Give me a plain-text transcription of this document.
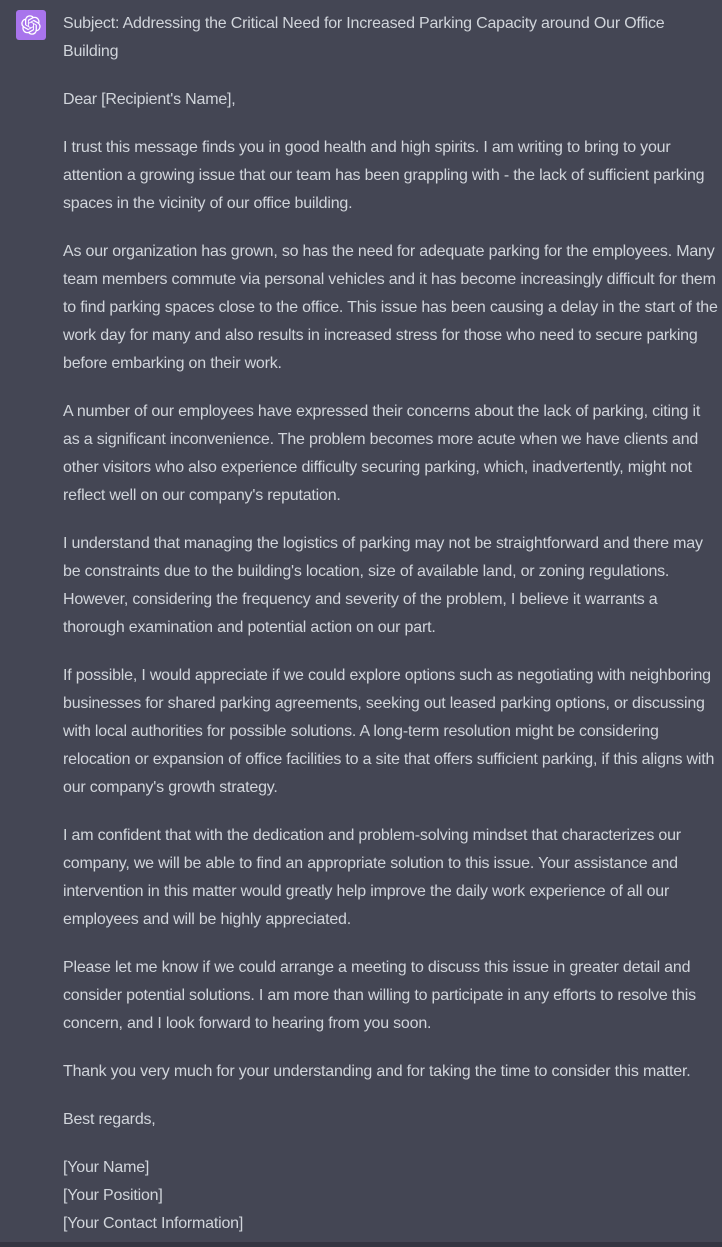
Subject: Addressing the Critical Need for Increased Parking Capacity around Our Office Building

Dear [Recipient's Name],

I trust this message finds you in good health and high spirits. I am writing to bring to your attention a growing issue that our team has been grappling with - the lack of sufficient parking spaces in the vicinity of our office building.

As our organization has grown, so has the need for adequate parking for the employees. Many team members commute via personal vehicles and it has become increasingly difficult for them to find parking spaces close to the office. This issue has been causing a delay in the start of the work day for many and also results in increased stress for those who need to secure parking before embarking on their work.

A number of our employees have expressed their concerns about the lack of parking, citing it as a significant inconvenience. The problem becomes more acute when we have clients and other visitors who also experience difficulty securing parking, which, inadvertently, might not reflect well on our company's reputation.

I understand that managing the logistics of parking may not be straightforward and there may be constraints due to the building's location, size of available land, or zoning regulations. However, considering the frequency and severity of the problem, I believe it warrants a thorough examination and potential action on our part.

If possible, I would appreciate if we could explore options such as negotiating with neighboring businesses for shared parking agreements, seeking out leased parking options, or discussing with local authorities for possible solutions. A long-term resolution might be considering relocation or expansion of office facilities to a site that offers sufficient parking, if this aligns with our company's growth strategy.

I am confident that with the dedication and problem-solving mindset that characterizes our company, we will be able to find an appropriate solution to this issue. Your assistance and intervention in this matter would greatly help improve the daily work experience of all our employees and will be highly appreciated.

Please let me know if we could arrange a meeting to discuss this issue in greater detail and consider potential solutions. I am more than willing to participate in any efforts to resolve this concern, and I look forward to hearing from you soon.

Thank you very much for your understanding and for taking the time to consider this matter.

Best regards,

[Your Name]
[Your Position]
[Your Contact Information]
